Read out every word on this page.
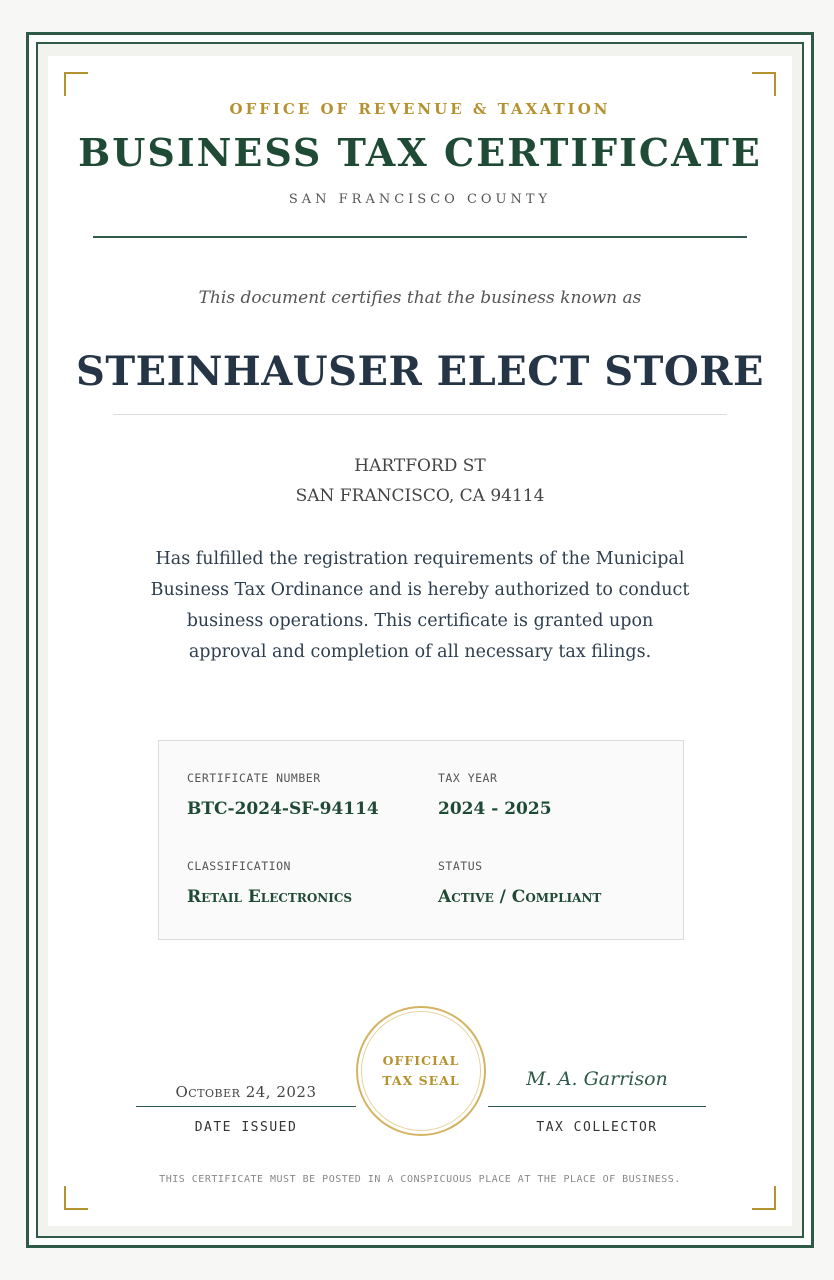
OFFICE OF REVENUE & TAXATION
BUSINESS TAX CERTIFICATE
SAN FRANCISCO COUNTY
This document certifies that the business known as
STEINHAUSER ELECT STORE
HARTFORD ST
SAN FRANCISCO, CA 94114
Has fulfilled the registration requirements of the Municipal Business Tax Ordinance and is hereby authorized to conduct business operations. This certificate is granted upon approval and completion of all necessary tax filings.
CERTIFICATE NUMBER
BTC-2024-SF-94114
TAX YEAR
2024 - 2025
CLASSIFICATION
Retail Electronics
STATUS
Active / Compliant
October 24, 2023
DATE ISSUED
OFFICIAL
TAX SEAL	M. A. Garrison
TAX COLLECTOR
THIS CERTIFICATE MUST BE POSTED IN A CONSPICUOUS PLACE AT THE PLACE OF BUSINESS.
